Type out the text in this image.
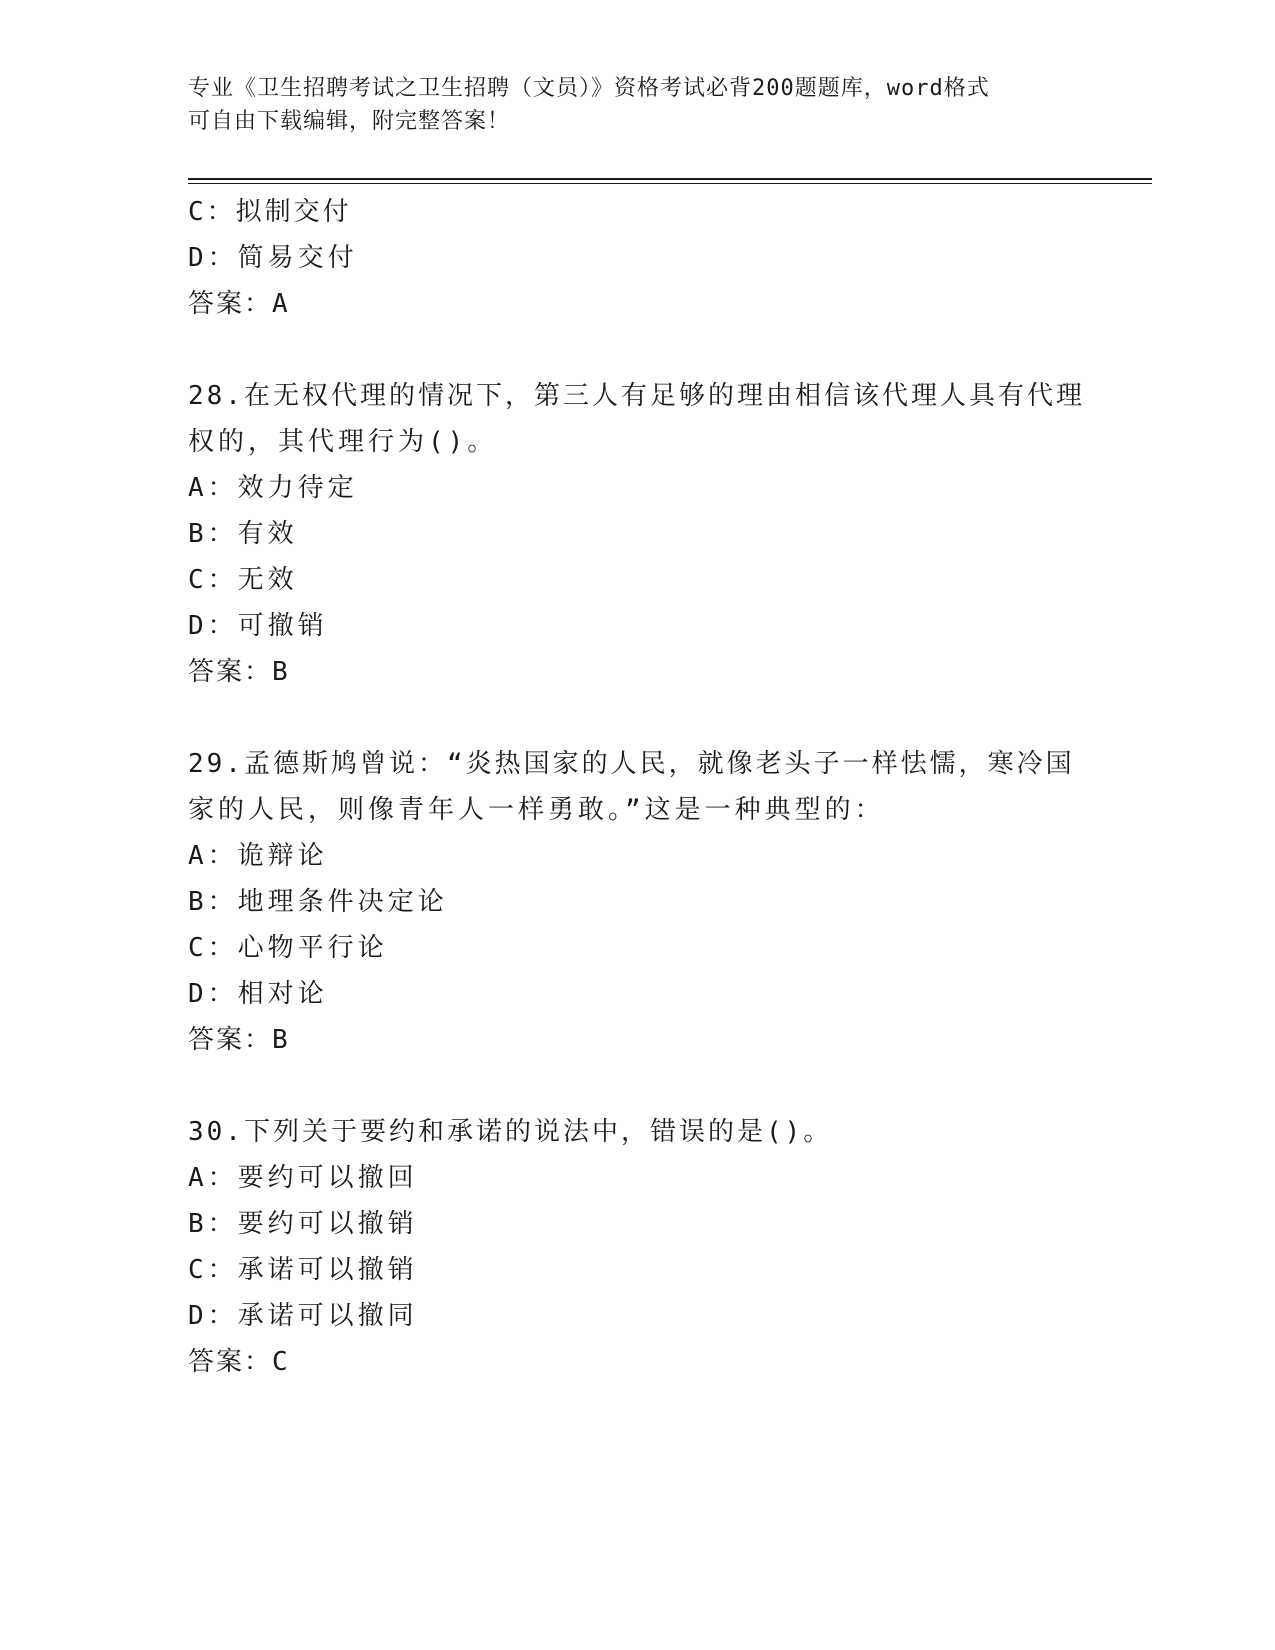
专业《卫生招聘考试之卫生招聘（文员）》资格考试必背200题题库，word格式
可自由下载编辑，附完整答案！
C：拟制交付
D：简易交付
答案：A
28.在无权代理的情况下，第三人有足够的理由相信该代理人具有代理
权的，其代理行为()。
A：效力待定
B：有效
C：无效
D：可撤销
答案：B
29.孟德斯鸠曾说：“炎热国家的人民，就像老头子一样怯懦，寒冷国
家的人民，则像青年人一样勇敢。”这是一种典型的：
A：诡辩论
B：地理条件决定论
C：心物平行论
D：相对论
答案：B
30.下列关于要约和承诺的说法中，错误的是()。
A：要约可以撤回
B：要约可以撤销
C：承诺可以撤销
D：承诺可以撤同
答案：C
